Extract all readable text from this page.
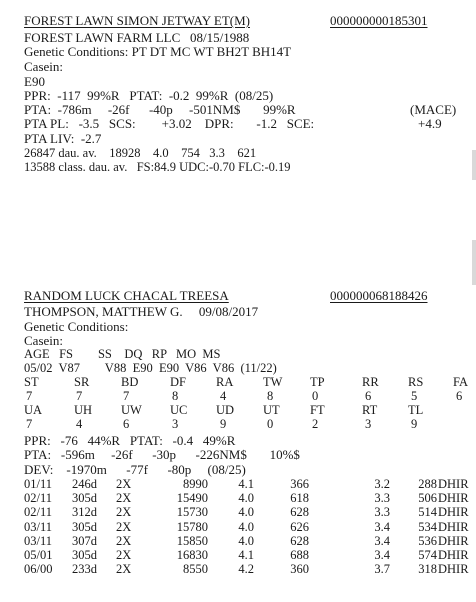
FOREST LAWN SIMON JETWAY ET(M)	000000000185301
FOREST LAWN FARM LLC   08/15/1988
Genetic Conditions: PT DT MC WT BH2T BH14T
Casein:
E90
PPR:  -117  99%R   PTAT:  -0.2  99%R  (08/25)
PTA:  -786m     -26f      -40p     -501NM$       99%R	(MACE)
PTA PL:   -3.5   SCS:        +3.02    DPR:       -1.2   SCE:	+4.9
PTA LIV:  -2.7
26847 dau. av.    18928    4.0    754   3.3    621
13588 class. dau. av.   FS:84.9 UDC:-0.70 FLC:-0.19
RANDOM LUCK CHACAL TREESA	000000068188426
THOMPSON, MATTHEW G.     09/08/2017
Genetic Conditions:
Casein:
AGE   FS        SS    DQ   RP   MO  MS
05/02  V87        V88  E90  E90  V86  V86  (11/22)
ST	SR	BD	DF RA TW TP	RR RS FA
7	7	7	8	4	8	0	6	5	6
UA	UH UW UC UD UT FT	RT TL
7	4	6	3	9	0	2	3	9
PPR:   -76   44%R   PTAT:   -0.4   49%R
PTA:   -596m     -26f      -30p      -226NM$       10%$
DEV:    -1970m      -77f      -80p     (08/25)
01/11 246d 2X	8990 4.1	366	3.2 288 DHIR
02/11 305d 2X	15490 4.0	618	3.3 506 DHIR
02/11 312d 2X	15730 4.0	628	3.3 514 DHIR
03/11 305d 2X	15780 4.0	626	3.4 534 DHIR
03/11 307d 2X	15850 4.0	628	3.4 536 DHIR
05/01 305d 2X	16830 4.1	688	3.4 574 DHIR
06/00 233d 2X	8550 4.2	360	3.7 318 DHIR
